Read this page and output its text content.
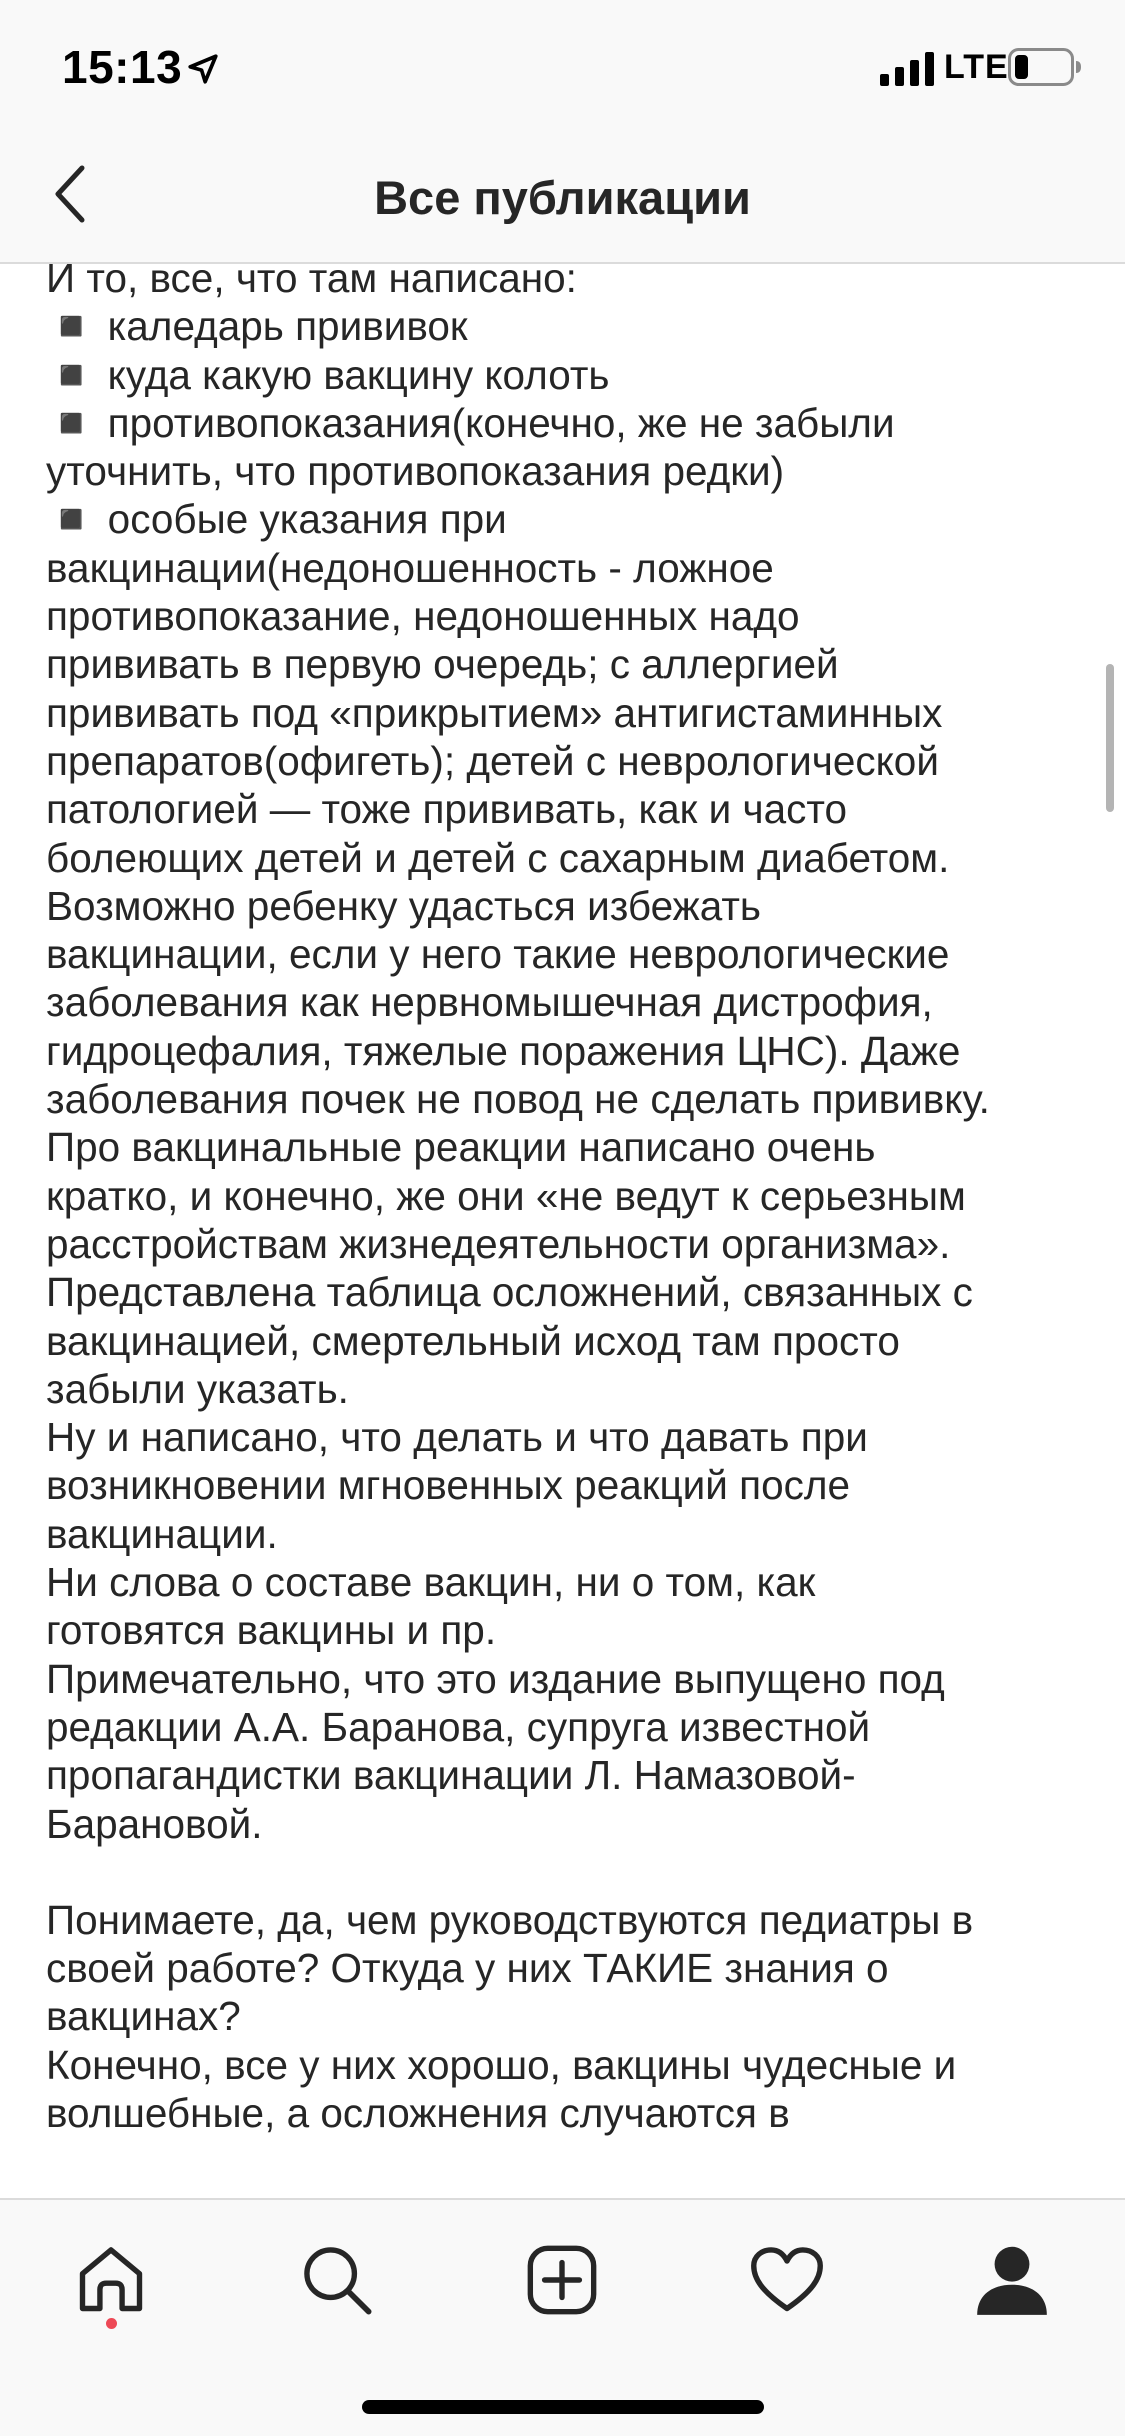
15:13	LTE
Все публикации
И то, все, что там написано:
◾️ каледарь прививок
◾️ куда какую вакцину колоть
◾️ противопоказания(конечно, же не забыли
уточнить, что противопоказания редки)
◾️ особые указания при
вакцинации(недоношенность - ложное
противопоказание, недоношенных надо
прививать в первую очередь; с аллергией
прививать под «прикрытием» антигистаминных
препаратов(офигеть); детей с неврологической
патологией — тоже прививать, как и часто
болеющих детей и детей с сахарным диабетом.
Возможно ребенку удасться избежать
вакцинации, если у него такие неврологические
заболевания как нервномышечная дистрофия,
гидроцефалия, тяжелые поражения ЦНС). Даже
заболевания почек не повод не сделать прививку.
Про вакцинальные реакции написано очень
кратко, и конечно, же они «не ведут к серьезным
расстройствам жизнедеятельности организма».
Представлена таблица осложнений, связанных с
вакцинацией, смертельный исход там просто
забыли указать.
Ну и написано, что делать и что давать при
возникновении мгновенных реакций после
вакцинации.
Ни слова о составе вакцин, ни о том, как
готовятся вакцины и пр.
Примечательно, что это издание выпущено под
редакции А.А. Баранова, супруга известной
пропагандистки вакцинации Л. Намазовой-
Барановой.
Понимаете, да, чем руководствуются педиатры в
своей работе? Откуда у них ТАКИЕ знания о
вакцинах?
Конечно, все у них хорошо, вакцины чудесные и
волшебные, а осложнения случаются в
